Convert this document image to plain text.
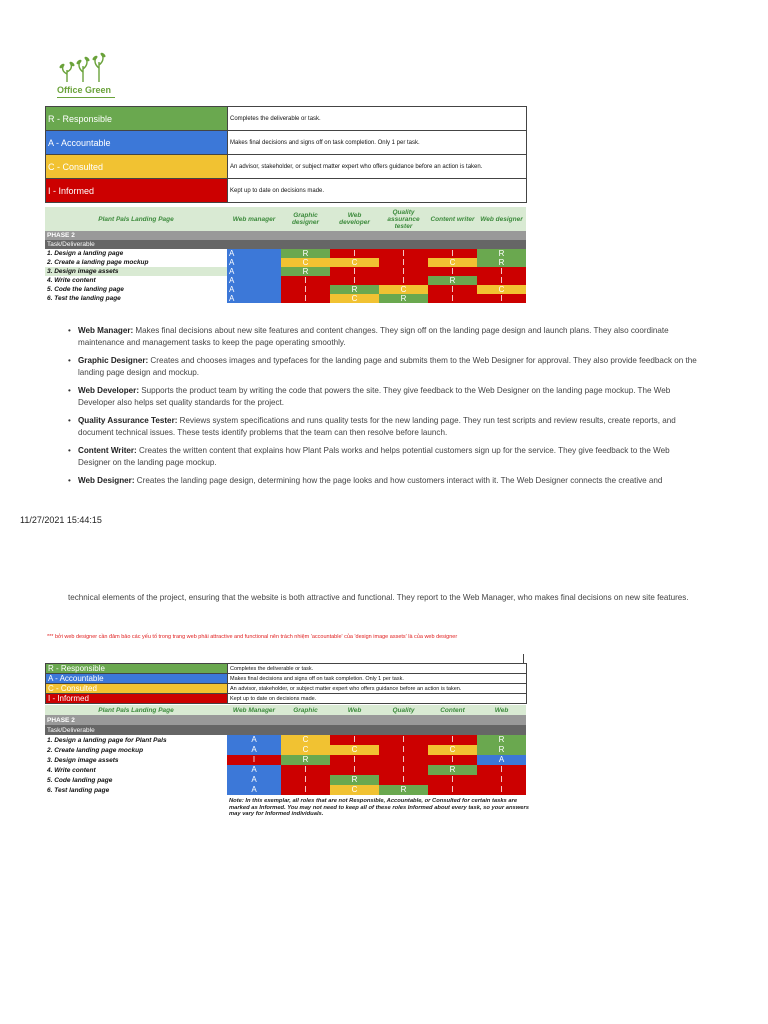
Office Green
R - Responsible	Completes the deliverable or task.
A - Accountable	Makes final decisions and signs off on task completion. Only 1 per task.
C - Consulted	An advisor, stakeholder, or subject matter expert who offers guidance before an action is taken.
I - Informed	Kept up to date on decisions made.
Plant Pals Landing Page	Web manager	Graphic designer	Web developer	Quality assurance tester	Content writer	Web designer
PHASE 2						
Task/Deliverable						
1. Design a landing page	A	R	I	I	I	R
2. Create a landing page mockup	A	C	C	I	C	R
3. Design image assets	A	R	I	I	I	I
4. Write content	A	I	I	I	R	I
5. Code the landing page	A	I	R	C	I	C
6. Test the landing page	A	I	C	R	I	I
• Web Manager: Makes final decisions about new site features and content changes. They sign off on the landing page design and launch plans. They also coordinate maintenance and management tasks to keep the page operating smoothly.
• Graphic Designer: Creates and chooses images and typefaces for the landing page and submits them to the Web Designer for approval. They also provide feedback on the landing page design and mockup.
• Web Developer: Supports the product team by writing the code that powers the site. They give feedback to the Web Designer on the landing page mockup. The Web Developer also helps set quality standards for the project.
• Quality Assurance Tester: Reviews system specifications and runs quality tests for the new landing page. They run test scripts and review results, create reports, and document technical issues. These tests identify problems that the team can then resolve before launch.
• Content Writer: Creates the written content that explains how Plant Pals works and helps potential customers sign up for the service. They give feedback to the Web Designer on the landing page mockup.
• Web Designer: Creates the landing page design, determining how the page looks and how customers interact with it. The Web Designer connects the creative and
11/27/2021 15:44:15
technical elements of the project, ensuring that the website is both attractive and functional. They report to the Web Manager, who makes final decisions on new site features.
*** bởi web designer cần đảm bảo các yếu tố trong trang web phải attractive and functional nên trách nhiệm 'accountable' của 'design image assets' là của web designer
R - Responsible	Completes the deliverable or task.
A - Accountable	Makes final decisions and signs off on task completion. Only 1 per task.
C - Consulted	An advisor, stakeholder, or subject matter expert who offers guidance before an action is taken.
I - Informed	Kept up to date on decisions made.
Plant Pals Landing Page	Web Manager	Graphic	Web	Quality	Content	Web
PHASE 2						
Task/Deliverable						
1. Design a landing page for Plant Pals	A	C	I	I	I	R
2. Create landing page mockup	A	C	C	I	C	R
3. Design image assets	I	R	I	I	I	A
4. Write content	A	I	I	I	R	I
5. Code landing page	A	I	R	I	I	I
6. Test landing page	A	I	C	R	I	I
Note: In this exemplar, all roles that are not Responsible, Accountable, or Consulted for certain tasks are marked as Informed. You may not need to keep all of these roles Informed about every task, so your answers may vary for Informed individuals.
